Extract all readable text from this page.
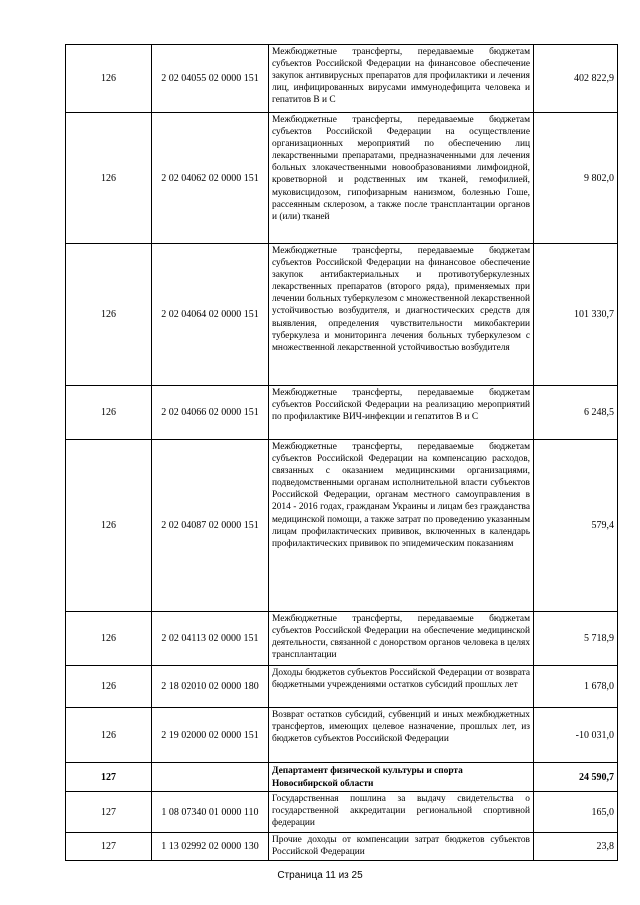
126	2 02 04055 02 0000 151	Межбюджетные трансферты, передаваемые бюджетам субъектов Российской Федерации на финансовое обеспечение закупок антивирусных препаратов для профилактики и лечения лиц, инфицированных вирусами иммунодефицита человека и гепатитов В и С	402 822,9
126	2 02 04062 02 0000 151	Межбюджетные трансферты, передаваемые бюджетам субъектов Российской Федерации на осуществление организационных мероприятий по обеспечению лиц лекарственными препаратами, предназначенными для лечения больных злокачественными новообразованиями лимфоидной, кроветворной и родственных им тканей, гемофилией, муковисцидозом, гипофизарным нанизмом, болезнью Гоше, рассеянным склерозом, а также после трансплантации органов и (или) тканей	9 802,0
126	2 02 04064 02 0000 151	Межбюджетные трансферты, передаваемые бюджетам субъектов Российской Федерации на финансовое обеспечение закупок антибактериальных и противотуберкулезных лекарственных препаратов (второго ряда), применяемых при лечении больных туберкулезом с множественной лекарственной устойчивостью возбудителя, и диагностических средств для выявления, определения чувствительности микобактерии туберкулеза и мониторинга лечения больных туберкулезом с множественной лекарственной устойчивостью возбудителя	101 330,7
126	2 02 04066 02 0000 151	Межбюджетные трансферты, передаваемые бюджетам субъектов Российской Федерации на реализацию мероприятий по профилактике ВИЧ-инфекции и гепатитов В и С	6 248,5
126	2 02 04087 02 0000 151	Межбюджетные трансферты, передаваемые бюджетам субъектов Российской Федерации на компенсацию расходов, связанных с оказанием медицинскими организациями, подведомственными органам исполнительной власти субъектов Российской Федерации, органам местного самоуправления в 2014 - 2016 годах, гражданам Украины и лицам без гражданства медицинской помощи, а также затрат по проведению указанным лицам профилактических прививок, включенных в календарь профилактических прививок по эпидемическим показаниям	579,4
126	2 02 04113 02 0000 151	Межбюджетные трансферты, передаваемые бюджетам субъектов Российской Федерации на обеспечение медицинской деятельности, связанной с донорством органов человека в целях трансплантации	5 718,9
126	2 18 02010 02 0000 180	Доходы бюджетов субъектов Российской Федерации от возврата бюджетными учреждениями остатков субсидий прошлых лет	1 678,0
126	2 19 02000 02 0000 151	Возврат остатков субсидий, субвенций и иных межбюджетных трансфертов, имеющих целевое назначение, прошлых лет, из бюджетов субъектов Российской Федерации	-10 031,0
127		Департамент физической культуры и спорта Новосибирской области	24 590,7
127	1 08 07340 01 0000 110	Государственная пошлина за выдачу свидетельства о государственной аккредитации региональной спортивной федерации	165,0
127	1 13 02992 02 0000 130	Прочие доходы от компенсации затрат бюджетов субъектов Российской Федерации	23,8
Страница 11 из 25
